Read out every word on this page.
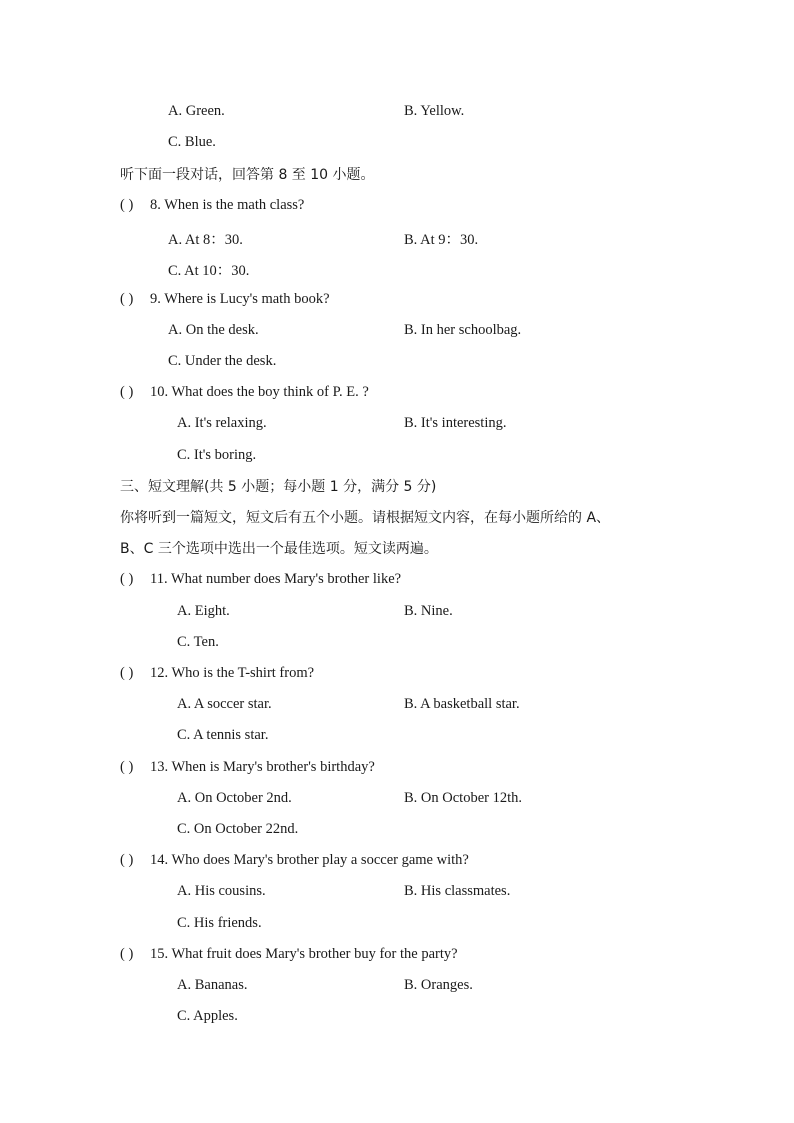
A. Green.	B. Yellow.
C. Blue.
听下面一段对话，回答第 8 至 10 小题。
( ) 8. When is the math class?
A. At 8：30.	B. At 9：30.
C. At 10：30.
( ) 9. Where is Lucy's math book?
A. On the desk.	B. In her schoolbag.
C. Under the desk.
( ) 10. What does the boy think of P. E. ?
A. It's relaxing.	B. It's interesting.
C. It's boring.
三、短文理解(共 5 小题；每小题 1 分，满分 5 分)
你将听到一篇短文，短文后有五个小题。请根据短文内容，在每小题所给的 A、
B、C 三个选项中选出一个最佳选项。短文读两遍。
( ) 11. What number does Mary's brother like?
A. Eight.	B. Nine.
C. Ten.
( ) 12. Who is the T-shirt from?
A. A soccer star.	B. A basketball star.
C. A tennis star.
( ) 13. When is Mary's brother's birthday?
A. On October 2nd.	B. On October 12th.
C. On October 22nd.
( ) 14. Who does Mary's brother play a soccer game with?
A. His cousins.	B. His classmates.
C. His friends.
( ) 15. What fruit does Mary's brother buy for the party?
A. Bananas.	B. Oranges.
C. Apples.
